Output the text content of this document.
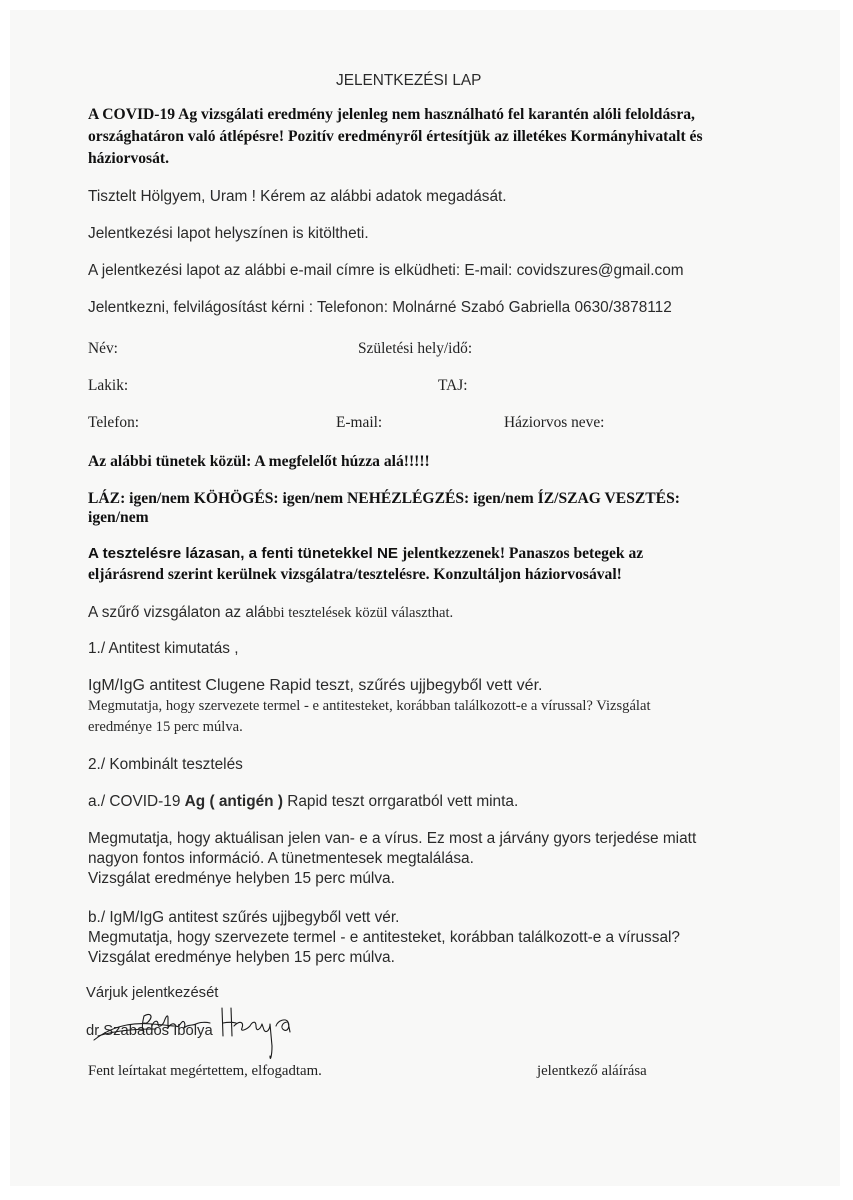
JELENTKEZÉSI LAP
A COVID-19 Ag vizsgálati eredmény jelenleg nem használható fel karantén alóli feloldásra,
országhatáron való átlépésre! Pozitív eredményről értesítjük az illetékes Kormányhivatalt és
háziorvosát.
Tisztelt Hölgyem, Uram ! Kérem az alábbi adatok megadását.
Jelentkezési lapot helyszínen is kitöltheti.
A jelentkezési lapot az alábbi e-mail címre is elküdheti: E-mail: covidszures@gmail.com
Jelentkezni, felvilágosítást kérni : Telefonon: Molnárné Szabó Gabriella 0630/3878112
Név:	Születési hely/idő:
Lakik:	TAJ:
Telefon:	E-mail:	Háziorvos neve:
Az alábbi tünetek közül: A megfelelőt húzza alá!!!!!
LÁZ: igen/nem KÖHÖGÉS: igen/nem NEHÉZLÉGZÉS: igen/nem ÍZ/SZAG VESZTÉS:
igen/nem
A tesztelésre lázasan, a fenti tünetekkel NE jelentkezzenek! Panaszos betegek az
eljárásrend szerint kerülnek vizsgálatra/tesztelésre. Konzultáljon háziorvosával!
A szűrő vizsgálaton az alábbi tesztelések közül választhat.
1./ Antitest kimutatás ,
IgM/IgG antitest Clugene Rapid teszt, szűrés ujjbegyből vett vér.
Megmutatja, hogy szervezete termel - e antitesteket, korábban találkozott-e a vírussal? Vizsgálat
eredménye 15 perc múlva.
2./ Kombinált tesztelés
a./ COVID-19 Ag ( antigén ) Rapid teszt orrgaratból vett minta.
Megmutatja, hogy aktuálisan jelen van- e a vírus. Ez most a járvány gyors terjedése miatt
nagyon fontos információ. A tünetmentesek megtalálása.
Vizsgálat eredménye helyben 15 perc múlva.
b./ IgM/IgG antitest szűrés ujjbegyből vett vér.
Megmutatja, hogy szervezete termel - e antitesteket, korábban találkozott-e a vírussal?
Vizsgálat eredménye helyben 15 perc múlva.
Várjuk jelentkezését
dr Szabados Ibolya
Fent leírtakat megértettem, elfogadtam.	jelentkező aláírása
